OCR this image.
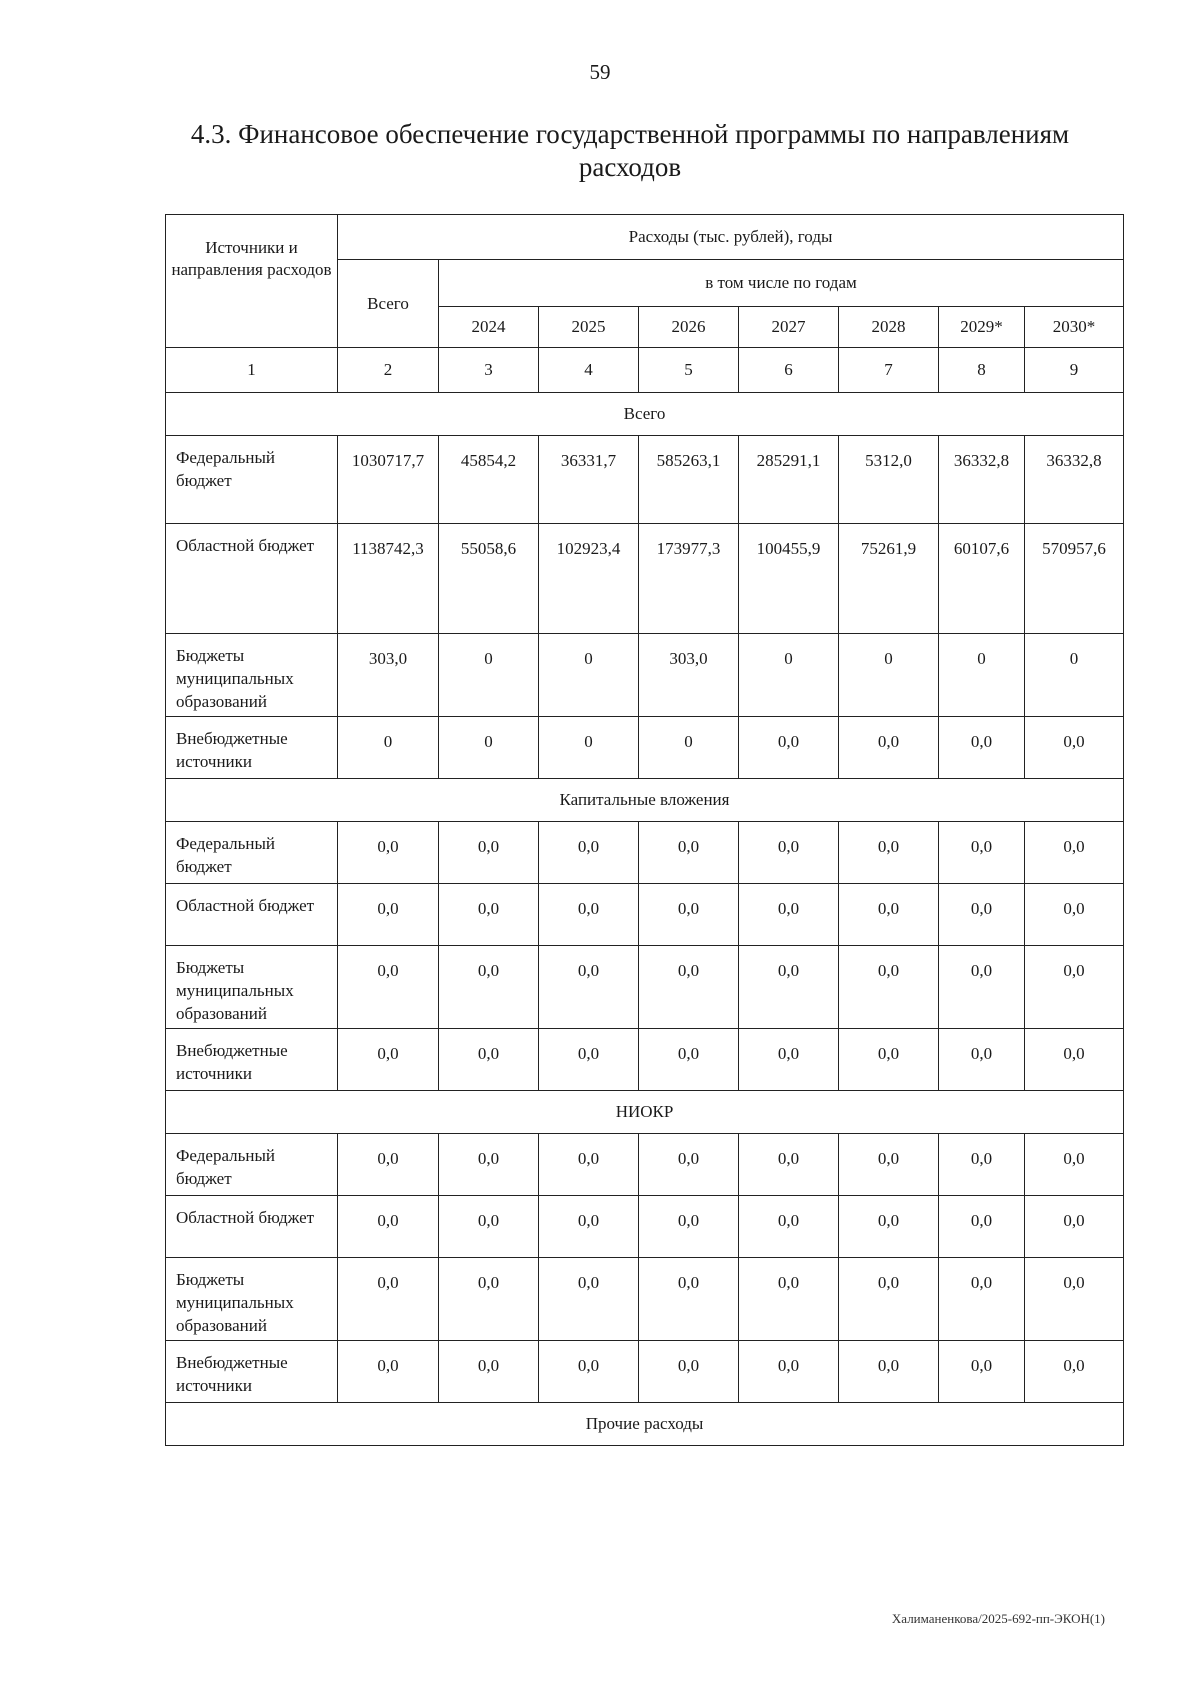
59
4.3. Финансовое обеспечение государственной программы по направлениям расходов
Источники и направления расходов	Расходы (тыс. рублей), годы							
	Всего	в том числе по годам						
		2024	2025	2026	2027	2028	2029*	2030*
1	2	3	4	5	6	7	8	9
Всего								
Федеральный бюджет	1030717,7	45854,2	36331,7	585263,1	285291,1	5312,0	36332,8	36332,8
Областной бюджет	1138742,3	55058,6	102923,4	173977,3	100455,9	75261,9	60107,6	570957,6
Бюджеты муниципальных образований	303,0	0	0	303,0	0	0	0	0
Внебюджетные источники	0	0	0	0	0,0	0,0	0,0	0,0
Капитальные вложения								
Федеральный бюджет	0,0	0,0	0,0	0,0	0,0	0,0	0,0	0,0
Областной бюджет	0,0	0,0	0,0	0,0	0,0	0,0	0,0	0,0
Бюджеты муниципальных образований	0,0	0,0	0,0	0,0	0,0	0,0	0,0	0,0
Внебюджетные источники	0,0	0,0	0,0	0,0	0,0	0,0	0,0	0,0
НИОКР								
Федеральный бюджет	0,0	0,0	0,0	0,0	0,0	0,0	0,0	0,0
Областной бюджет	0,0	0,0	0,0	0,0	0,0	0,0	0,0	0,0
Бюджеты муниципальных образований	0,0	0,0	0,0	0,0	0,0	0,0	0,0	0,0
Внебюджетные источники	0,0	0,0	0,0	0,0	0,0	0,0	0,0	0,0
Прочие расходы								
Халиманенкова/2025-692-пп-ЭКОН(1)
